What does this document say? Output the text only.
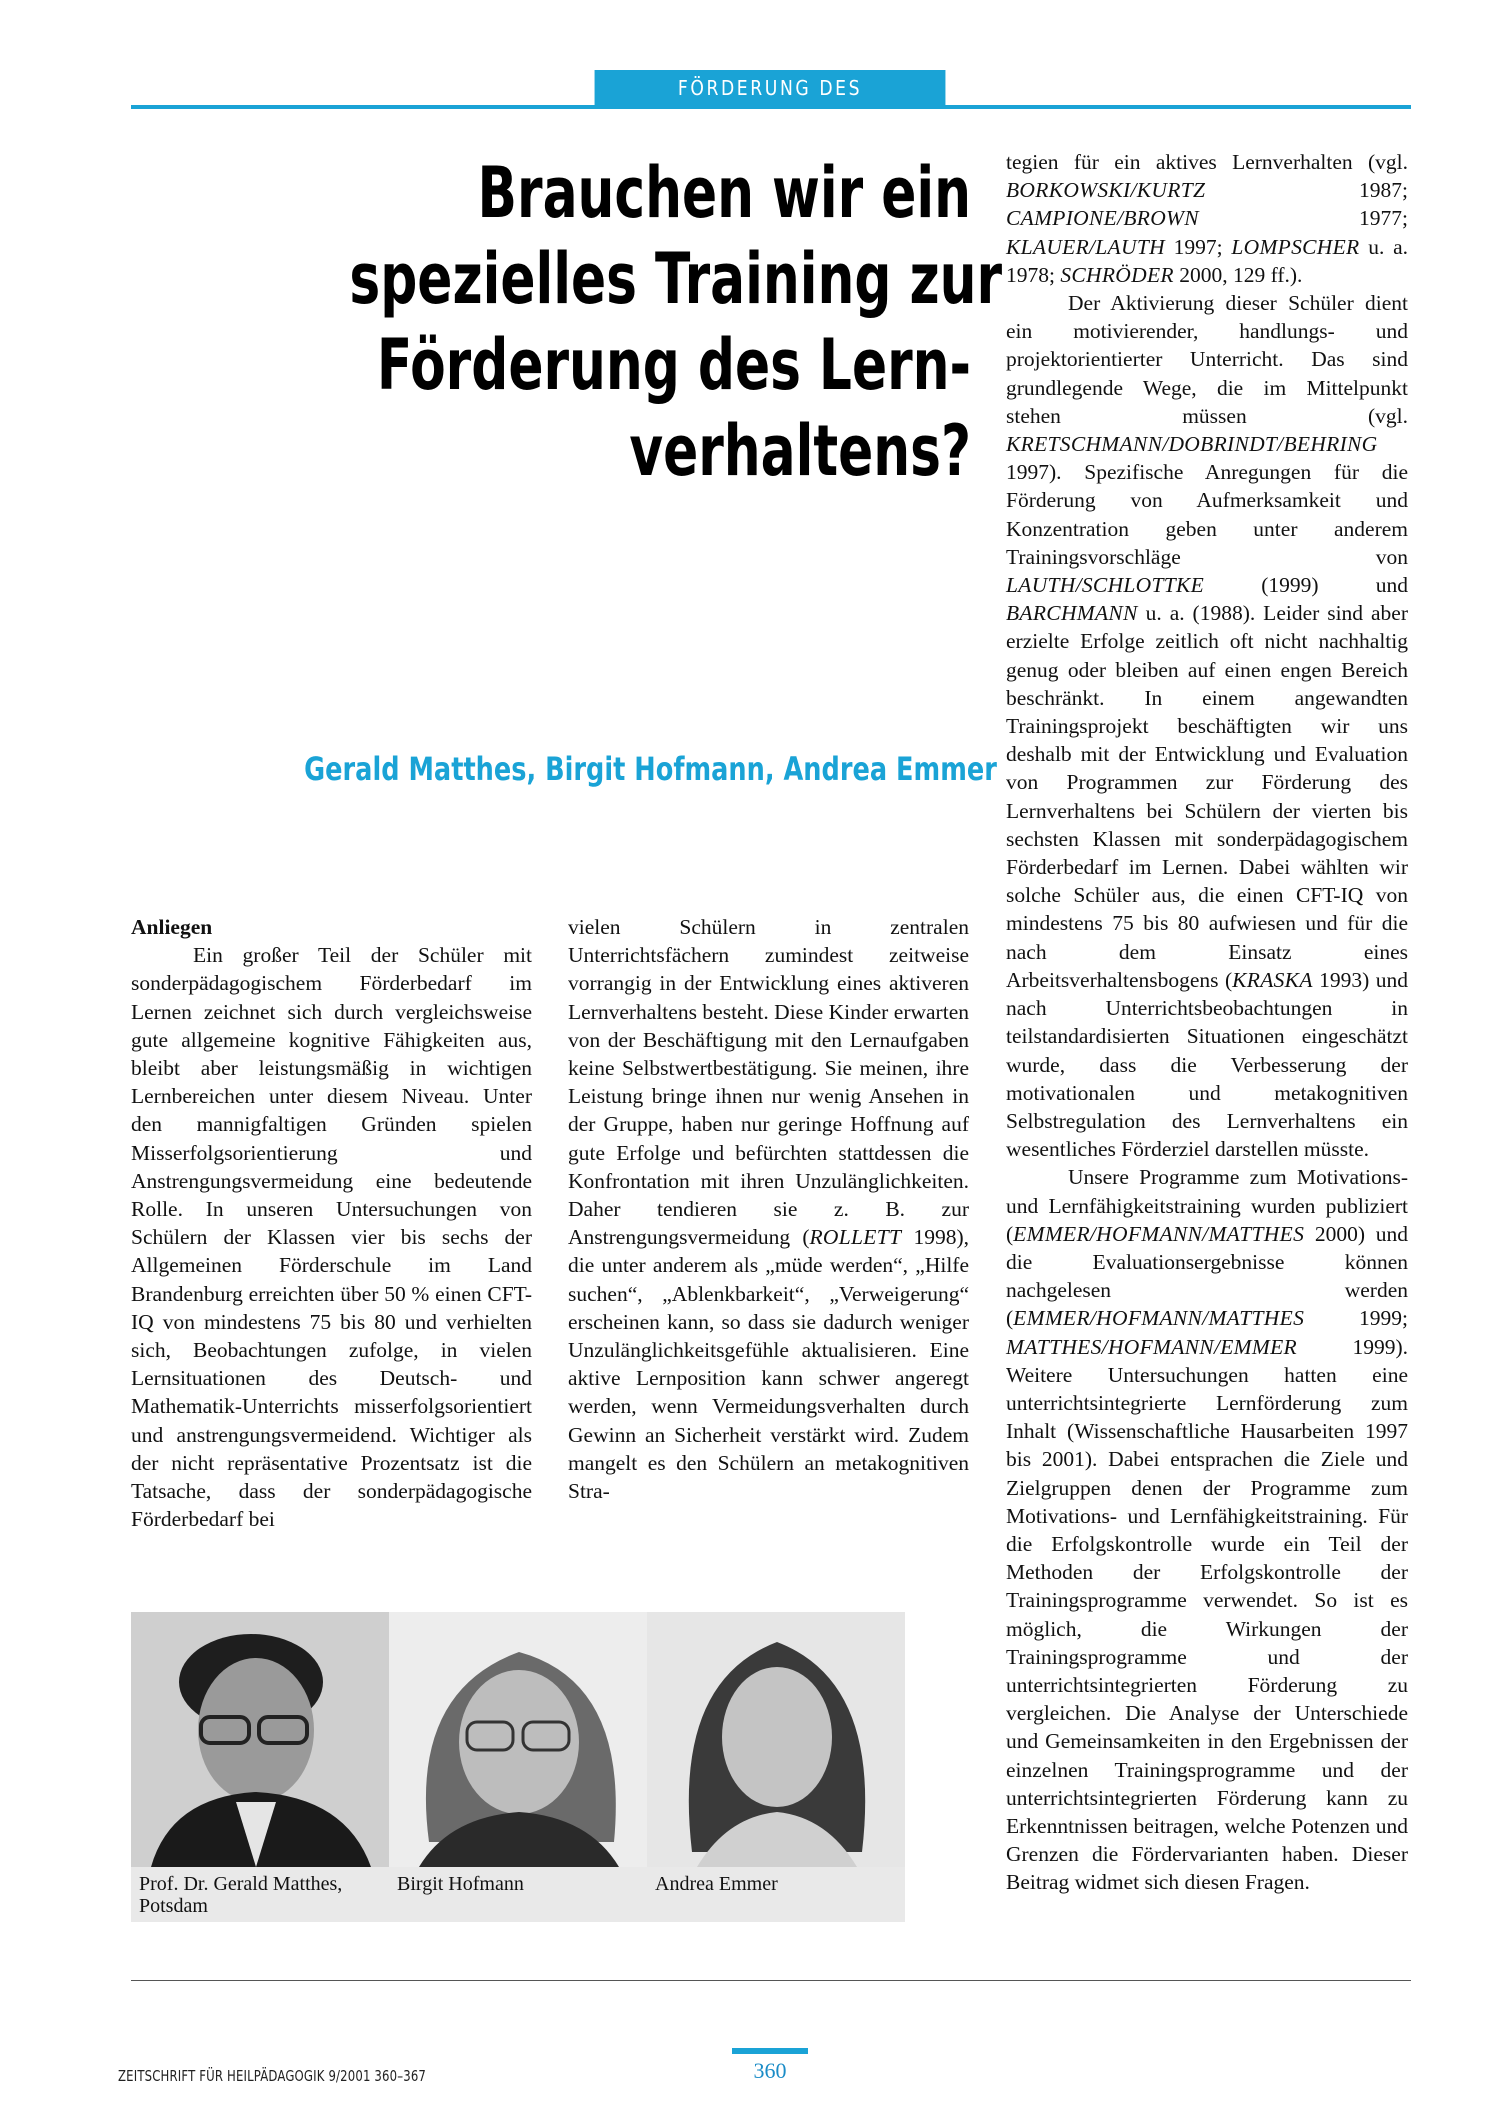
FÖRDERUNG DES LERNVERHALTENS
Brauchen wir ein
spezielles Training zur
Förderung des Lern-
verhaltens?
Gerald Matthes, Birgit Hofmann, Andrea Emmer

Anliegen

Ein großer Teil der Schüler mit sonderpädagogischem Förderbedarf im Lernen zeichnet sich durch vergleichsweise gute allgemeine kognitive Fähigkeiten aus, bleibt aber leistungsmäßig in wichtigen Lernbereichen unter diesem Niveau. Unter den mannigfaltigen Gründen spielen Misserfolgsorientierung und Anstrengungsvermeidung eine bedeutende Rolle. In unseren Untersuchungen von Schülern der Klassen vier bis sechs der Allgemeinen Förderschule im Land Brandenburg erreichten über 50 % einen CFT-IQ von mindestens 75 bis 80 und verhielten sich, Beobachtungen zufolge, in vielen Lernsituationen des Deutsch- und Mathematik-Unterrichts misserfolgsorientiert und anstrengungsvermeidend. Wichtiger als der nicht repräsentative Prozentsatz ist die Tatsache, dass der sonderpädagogische Förderbedarf bei

vielen Schülern in zentralen Unterrichtsfächern zumindest zeitweise vorrangig in der Entwicklung eines aktiveren Lernverhaltens besteht. Diese Kinder erwarten von der Beschäftigung mit den Lernaufgaben keine Selbstwertbestätigung. Sie meinen, ihre Leistung bringe ihnen nur wenig Ansehen in der Gruppe, haben nur geringe Hoffnung auf gute Erfolge und befürchten stattdessen die Konfrontation mit ihren Unzulänglichkeiten. Daher tendieren sie z. B. zur Anstrengungsvermeidung (ROLLETT 1998), die unter anderem als „müde werden“, „Hilfe suchen“, „Ablenkbarkeit“, „Verweigerung“ erscheinen kann, so dass sie dadurch weniger Unzulänglichkeitsgefühle aktualisieren. Eine aktive Lernposition kann schwer angeregt werden, wenn Vermeidungsverhalten durch Gewinn an Sicherheit verstärkt wird. Zudem mangelt es den Schülern an metakognitiven Stra-

tegien für ein aktives Lernverhalten (vgl. BORKOWSKI/KURTZ 1987; CAMPIONE/BROWN 1977; KLAUER/LAUTH 1997; LOMPSCHER u. a. 1978; SCHRÖDER 2000, 129 ff.).

Der Aktivierung dieser Schüler dient ein motivierender, handlungs- und projektorientierter Unterricht. Das sind grundlegende Wege, die im Mittelpunkt stehen müssen (vgl. KRETSCHMANN/DOBRINDT/BEHRING 1997). Spezifische Anregungen für die Förderung von Aufmerksamkeit und Konzentration geben unter anderem Trainingsvorschläge von LAUTH/SCHLOTTKE (1999) und BARCHMANN u. a. (1988). Leider sind aber erzielte Erfolge zeitlich oft nicht nachhaltig genug oder bleiben auf einen engen Bereich beschränkt. In einem angewandten Trainingsprojekt beschäftigten wir uns deshalb mit der Entwicklung und Evaluation von Programmen zur Förderung des Lernverhaltens bei Schülern der vierten bis sechsten Klassen mit sonderpädagogischem Förderbedarf im Lernen. Dabei wählten wir solche Schüler aus, die einen CFT-IQ von mindestens 75 bis 80 aufwiesen und für die nach dem Einsatz eines Arbeitsverhaltensbogens (KRASKA 1993) und nach Unterrichtsbeobachtungen in teilstandardisierten Situationen eingeschätzt wurde, dass die Verbesserung der motivationalen und metakognitiven Selbstregulation des Lernverhaltens ein wesentliches Förderziel darstellen müsste.

Unsere Programme zum Motivations- und Lernfähigkeitstraining wurden publiziert (EMMER/HOFMANN/MATTHES 2000) und die Evaluationsergebnisse können nachgelesen werden (EMMER/HOFMANN/MATTHES 1999; MATTHES/HOFMANN/EMMER 1999). Weitere Untersuchungen hatten eine unterrichtsintegrierte Lernförderung zum Inhalt (Wissenschaftliche Hausarbeiten 1997 bis 2001). Dabei entsprachen die Ziele und Zielgruppen denen der Programme zum Motivations- und Lernfähigkeitstraining. Für die Erfolgskontrolle wurde ein Teil der Methoden der Erfolgskontrolle der Trainingsprogramme verwendet. So ist es möglich, die Wirkungen der Trainingsprogramme und der unterrichtsintegrierten Förderung zu vergleichen. Die Analyse der Unterschiede und Gemeinsamkeiten in den Ergebnissen der einzelnen Trainingsprogramme und der unterrichtsintegrierten Förderung kann zu Erkenntnissen beitragen, welche Potenzen und Grenzen die Fördervarianten haben. Dieser Beitrag widmet sich diesen Fragen.

Prof. Dr. Gerald Matthes,
Potsdam
Birgit Hofmann	Andrea Emmer
ZEITSCHRIFT FÜR HEILPÄDAGOGIK 9/2001 360–367	360
